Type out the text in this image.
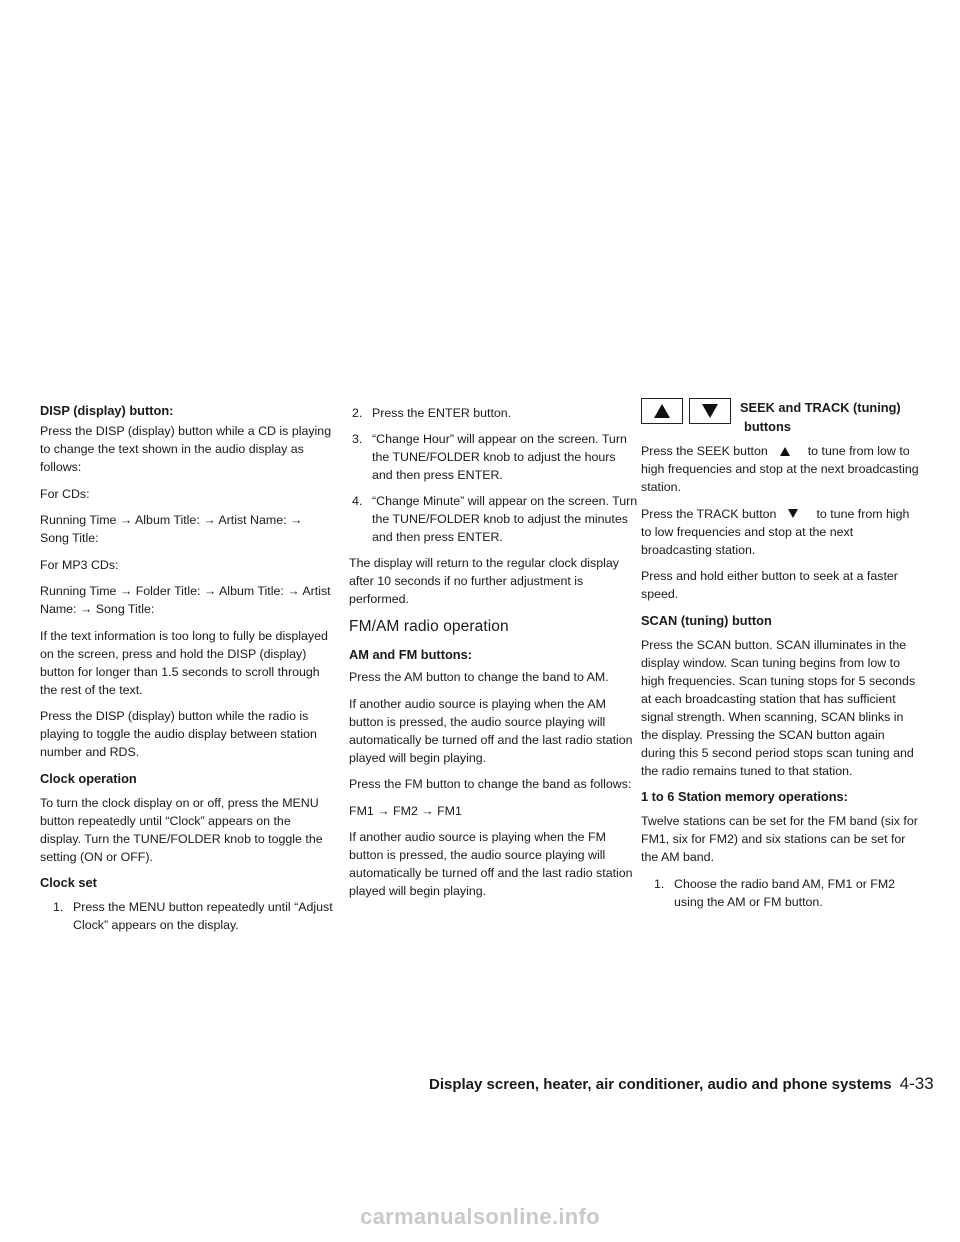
DISP (display) button:

Press the DISP (display) button while a CD is playing to change the text shown in the audio display as follows:

For CDs:

Running Time → Album Title: → Artist Name: → Song Title:

For MP3 CDs:

Running Time → Folder Title: → Album Title: → Artist Name: → Song Title:

If the text information is too long to fully be displayed on the screen, press and hold the DISP (display) button for longer than 1.5 seconds to scroll through the rest of the text.

Press the DISP (display) button while the radio is playing to toggle the audio display between station number and RDS.

Clock operation

To turn the clock display on or off, press the MENU button repeatedly until “Clock” appears on the display. Turn the TUNE/FOLDER knob to toggle the setting (ON or OFF).

Clock set

1. Press the MENU button repeatedly until “Adjust Clock” appears on the display.
2. Press the ENTER button.
3. “Change Hour” will appear on the screen. Turn the TUNE/FOLDER knob to adjust the hours and then press ENTER.
4. “Change Minute” will appear on the screen. Turn the TUNE/FOLDER knob to adjust the minutes and then press ENTER.

The display will return to the regular clock display after 10 seconds if no further adjustment is performed.

FM/AM radio operation

AM and FM buttons:

Press the AM button to change the band to AM.

If another audio source is playing when the AM button is pressed, the audio source playing will automatically be turned off and the last radio station played will begin playing.

Press the FM button to change the band as follows:

FM1 → FM2 → FM1

If another audio source is playing when the FM button is pressed, the audio source playing will automatically be turned off and the last radio station played will begin playing.

SEEK and TRACK (tuning)
buttons

Press the SEEK button	to tune from low to high frequencies and stop at the next broadcasting station.

Press the TRACK button	to tune from high to low frequencies and stop at the next broadcasting station.

Press and hold either button to seek at a faster speed.

SCAN (tuning) button

Press the SCAN button. SCAN illuminates in the display window. Scan tuning begins from low to high frequencies. Scan tuning stops for 5 seconds at each broadcasting station that has sufficient signal strength. When scanning, SCAN blinks in the display. Pressing the SCAN button again during this 5 second period stops scan tuning and the radio remains tuned to that station.

1 to 6 Station memory operations:

Twelve stations can be set for the FM band (six for FM1, six for FM2) and six stations can be set for the AM band.

1. Choose the radio band AM, FM1 or FM2 using the AM or FM button.
Display screen, heater, air conditioner, audio and phone systems 4-33
carmanualsonline.info
